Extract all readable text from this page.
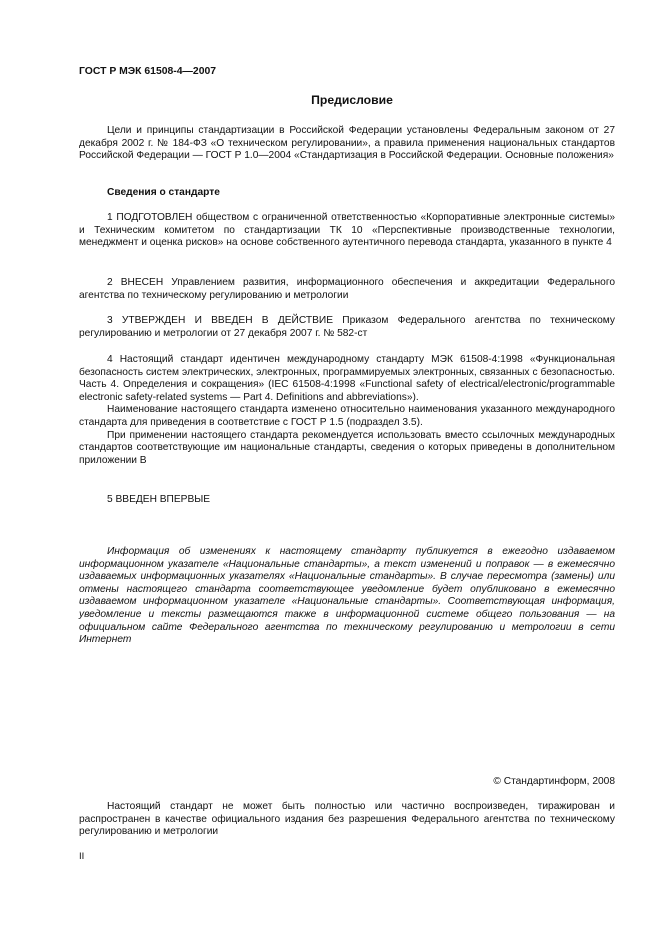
ГОСТ Р МЭК 61508-4—2007
Предисловие
Цели и принципы стандартизации в Российской Федерации установлены Федеральным законом от 27 декабря 2002 г. № 184-ФЗ «О техническом регулировании», а правила применения национальных стандартов Российской Федерации — ГОСТ Р 1.0—2004 «Стандартизация в Российской Федерации. Основные положения»
Сведения о стандарте
1 ПОДГОТОВЛЕН обществом с ограниченной ответственностью «Корпоративные электронные системы» и Техническим комитетом по стандартизации ТК 10 «Перспективные производственные технологии, менеджмент и оценка рисков» на основе собственного аутентичного перевода стандарта, указанного в пункте 4
2 ВНЕСЕН Управлением развития, информационного обеспечения и аккредитации Федерального агентства по техническому регулированию и метрологии
3 УТВЕРЖДЕН И ВВЕДЕН В ДЕЙСТВИЕ Приказом Федерального агентства по техническому регулированию и метрологии от 27 декабря 2007 г. № 582-ст

4 Настоящий стандарт идентичен международному стандарту МЭК 61508-4:1998 «Функциональная безопасность систем электрических, электронных, программируемых электронных, связанных с безопасностью. Часть 4. Определения и сокращения» (IEC 61508-4:1998 «Functional safety of electrical/electronic/programmable electronic safety-related systems — Part 4. Definitions and abbreviations»).

Наименование настоящего стандарта изменено относительно наименования указанного международного стандарта для приведения в соответствие с ГОСТ Р 1.5 (подраздел 3.5).

При применении настоящего стандарта рекомендуется использовать вместо ссылочных международных стандартов соответствующие им национальные стандарты, сведения о которых приведены в дополнительном приложении В

5 ВВЕДЕН ВПЕРВЫЕ
Информация об изменениях к настоящему стандарту публикуется в ежегодно издаваемом информационном указателе «Национальные стандарты», а текст изменений и поправок — в ежемесячно издаваемых информационных указателях «Национальные стандарты». В случае пересмотра (замены) или отмены настоящего стандарта соответствующее уведомление будет опубликовано в ежемесячно издаваемом информационном указателе «Национальные стандарты». Соответствующая информация, уведомление и тексты размещаются также в информационной системе общего пользования — на официальном сайте Федерального агентства по техническому регулированию и метрологии в сети Интернет
© Стандартинформ, 2008
Настоящий стандарт не может быть полностью или частично воспроизведен, тиражирован и распространен в качестве официального издания без разрешения Федерального агентства по техническому регулированию и метрологии
II
